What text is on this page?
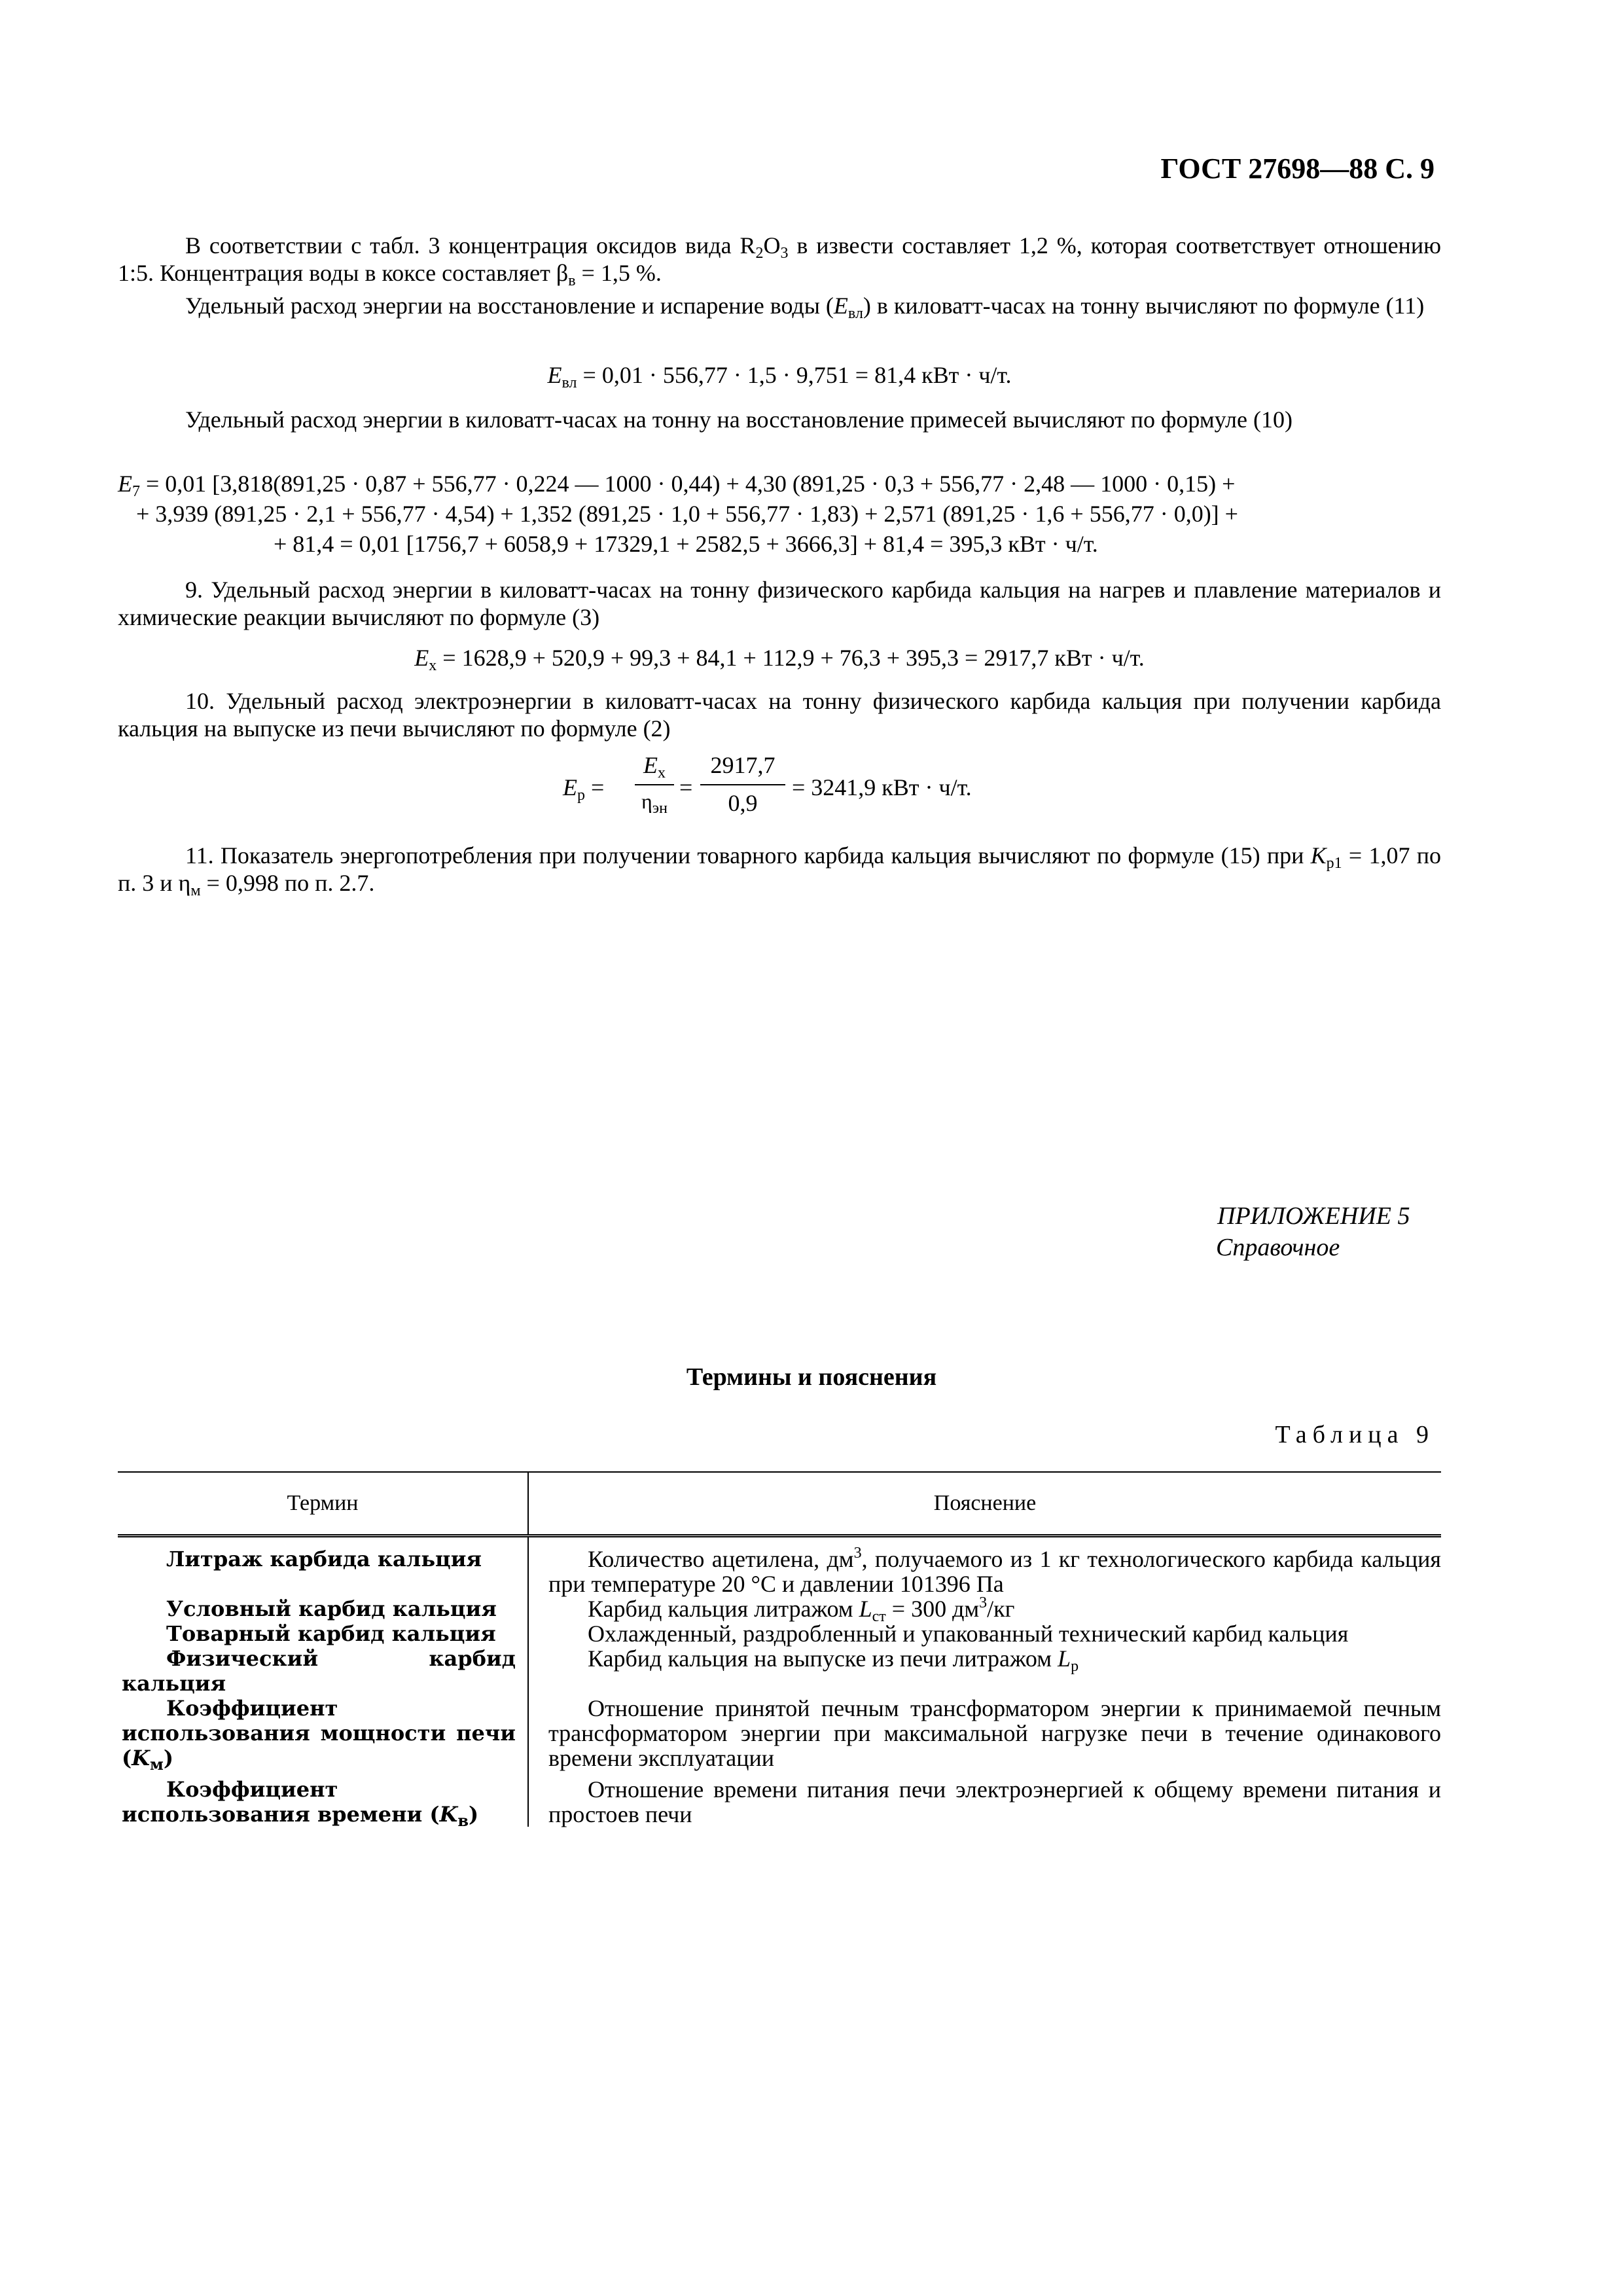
ГОСТ 27698—88 С. 9
В соответствии с табл. 3 концентрация оксидов вида $R_2O_3$ в извести составляет 1,2 %, которая соответствует отношению 1:5. Концентрация воды в коксе составляет $\beta_в = 1,5$ %.
Удельный расход энергии на восстановление и испарение воды $(E_{вл})$ в киловатт-часах на тонну вычисляют по формуле (11)
$E_{вл} = 0,01 \cdot 556,77 \cdot 1,5 \cdot 9,751 = 81,4$ кВт · ч/т.
Удельный расход энергии в киловатт-часах на тонну на восстановление примесей вычисляют по формуле (10)
$E_7 = 0,01$ [3,818(891,25 · 0,87 + 556,77 · 0,224 — 1000 · 0,44) + 4,30 (891,25 · 0,3 + 556,77 · 2,48 — 1000 · 0,15) +
+ 3,939 (891,25 · 2,1 + 556,77 · 4,54) + 1,352 (891,25 · 1,0 + 556,77 · 1,83) + 2,571 (891,25 · 1,6 + 556,77 · 0,0)] +
+ 81,4 = 0,01 [1756,7 + 6058,9 + 17329,1 + 2582,5 + 3666,3] + 81,4 = 395,3 кВт · ч/т.
9. Удельный расход энергии в киловатт-часах на тонну физического карбида кальция на нагрев и плавление материалов и химические реакции вычисляют по формуле (3)
$E_х = 1628,9 + 520,9 + 99,3 + 84,1 + 112,9 + 76,3 + 395,3 = 2917,7$ кВт · ч/т.
10. Удельный расход электроэнергии в киловатт-часах на тонну физического карбида кальция при получении карбида кальция на выпуске из печи вычисляют по формуле (2)
$E_р$ =
$E_х$
$\eta_{эн}$
=
2917,7
0,9
= 3241,9 кВт · ч/т.
11. Показатель энергопотребления при получении товарного карбида кальция вычисляют по формуле (15) при $K_{р1} = 1,07$ по п. 3 и $\eta_м = 0,998$ по п. 2.7.
ПРИЛОЖЕНИЕ 5
Справочное
Термины и пояснения
Таблица 9
Термин	Пояснение
Литраж карбида кальция	Количество ацетилена, $дм^3$, получаемого из 1 кг технологического карбида кальция при температуре 20 °С и давлении 101396 Па
Условный карбид кальция	Карбид кальция литражом $L_{ст} = 300$ $дм^3/кг$
Товарный карбид кальция	Охлажденный, раздробленный и упакованный технический карбид кальция
Физический карбид кальция	Карбид кальция на выпуске из печи литражом $L_р$
Коэффициент использования мощности печи $(K_м)$	Отношение принятой печным трансформатором энергии к принимаемой печным трансформатором энергии при максимальной нагрузке печи в течение одинакового времени эксплуатации
Коэффициент использования времени $(K_в)$	Отношение времени питания печи электроэнергией к общему времени питания и простоев печи
